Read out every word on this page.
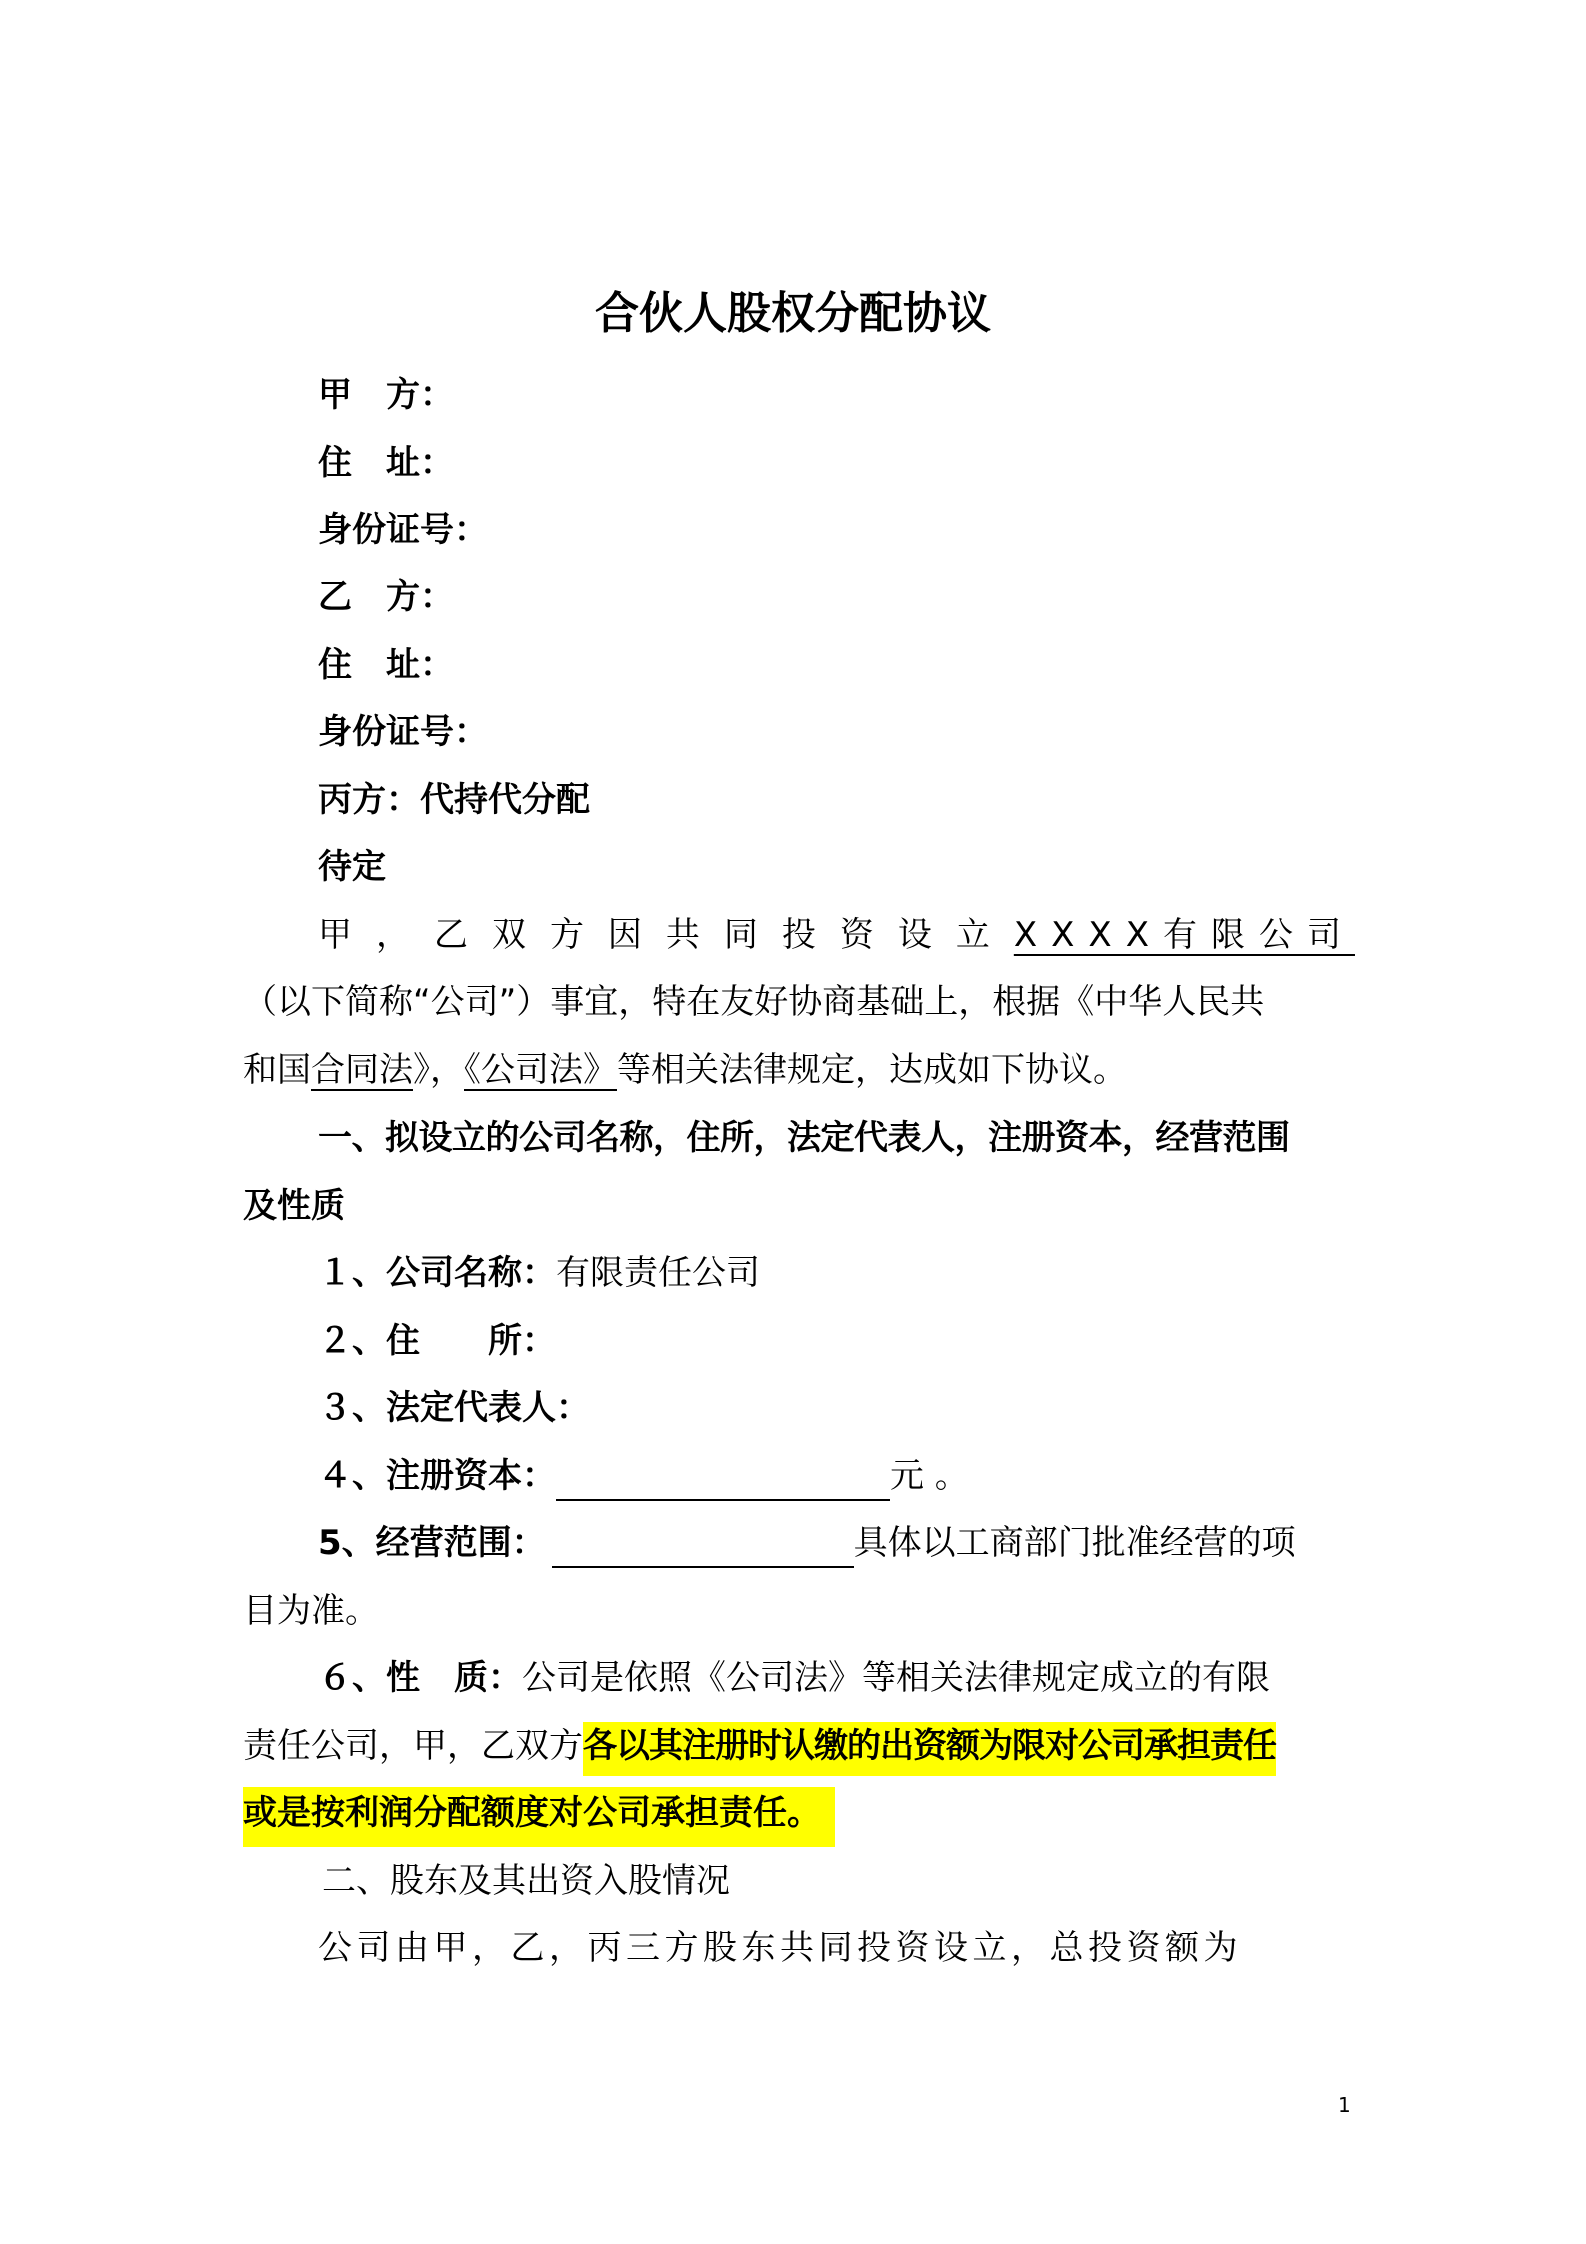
合伙人股权分配协议
甲　方：
住　址：
身份证号：
乙　方：
住　址：
身份证号：
丙方：代持代分配
待定
甲 ， 乙 双 方 因 共 同 投 资 设 立 XXXX有限公司
（以下简称“公司”）事宜，特在友好协商基础上，根据《中华人民共
和国合同法》，《公司法》等相关法律规定，达成如下协议。
一、拟设立的公司名称，住所，法定代表人，注册资本，经营范围
及性质
１、公司名称：有限责任公司
２、住　　所：
３、法定代表人：
４、注册资本：	元 。
5、经营范围：	具体以工商部门批准经营的项
目为准。
６、性　质：公司是依照《公司法》等相关法律规定成立的有限
责任公司，甲，乙双方各以其注册时认缴的出资额为限对公司承担责任
或是按利润分配额度对公司承担责任。
二、股东及其出资入股情况
公司由甲，乙，丙三方股东共同投资设立，总投资额为
1
